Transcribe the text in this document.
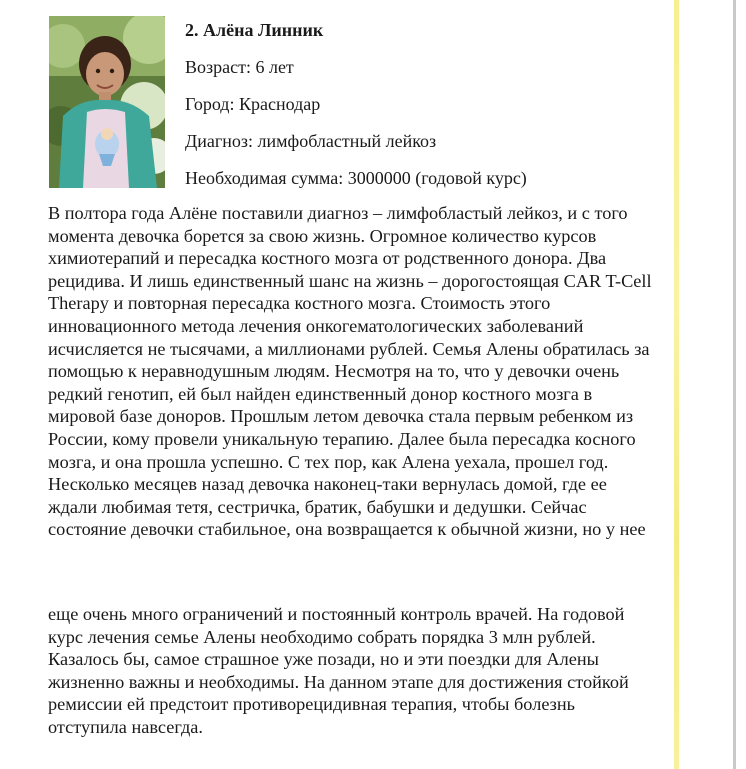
2. Алёна Линник
Возраст: 6 лет
Город: Краснодар
Диагноз: лимфобластный лейкоз
Необходимая сумма: 3000000 (годовой курс)
В полтора года Алёне поставили диагноз – лимфобластый лейкоз, и с того
момента девочка борется за свою жизнь. Огромное количество курсов
химиотерапий и пересадка костного мозга от родственного донора. Два
рецидива. И лишь единственный шанс на жизнь – дорогостоящая CAR T-Cell
Therapy и повторная пересадка костного мозга. Стоимость этого
инновационного метода лечения онкогематологических заболеваний
исчисляется не тысячами, а миллионами рублей. Семья Алены обратилась за
помощью к неравнодушным людям. Несмотря на то, что у девочки очень
редкий генотип, ей был найден единственный донор костного мозга в
мировой базе доноров. Прошлым летом девочка стала первым ребенком из
России, кому провели уникальную терапию. Далее была пересадка косного
мозга, и она прошла успешно. С тех пор, как Алена уехала, прошел год.
Несколько месяцев назад девочка наконец-таки вернулась домой, где ее
ждали любимая тетя, сестричка, братик, бабушки и дедушки. Сейчас
состояние девочки стабильное, она возвращается к обычной жизни, но у нее
еще очень много ограничений и постоянный контроль врачей. На годовой
курс лечения семье Алены необходимо собрать порядка 3 млн рублей.
Казалось бы, самое страшное уже позади, но и эти поездки для Алены
жизненно важны и необходимы. На данном этапе для достижения стойкой
ремиссии ей предстоит противорецидивная терапия, чтобы болезнь
отступила навсегда.
